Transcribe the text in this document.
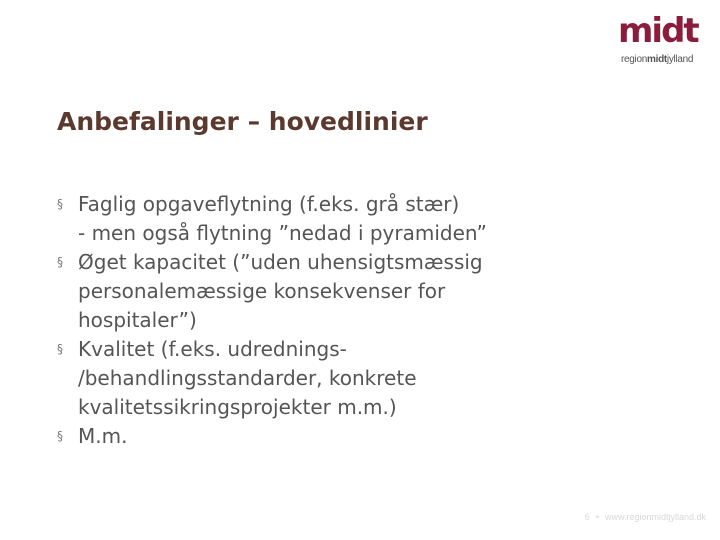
midt
regionmidtjylland
Anbefalinger – hovedlinier
§ Faglig opgaveflytning (f.eks. grå stær)
- men også flytning ”nedad i pyramiden”
§ Øget kapacitet (”uden uhensigtsmæssig
personalemæssige konsekvenser for
hospitaler”)
§ Kvalitet (f.eks. udrednings-
/behandlingsstandarder, konkrete
kvalitetssikringsprojekter m.m.)
§ M.m.
6 • www.regionmidtjylland.dk
